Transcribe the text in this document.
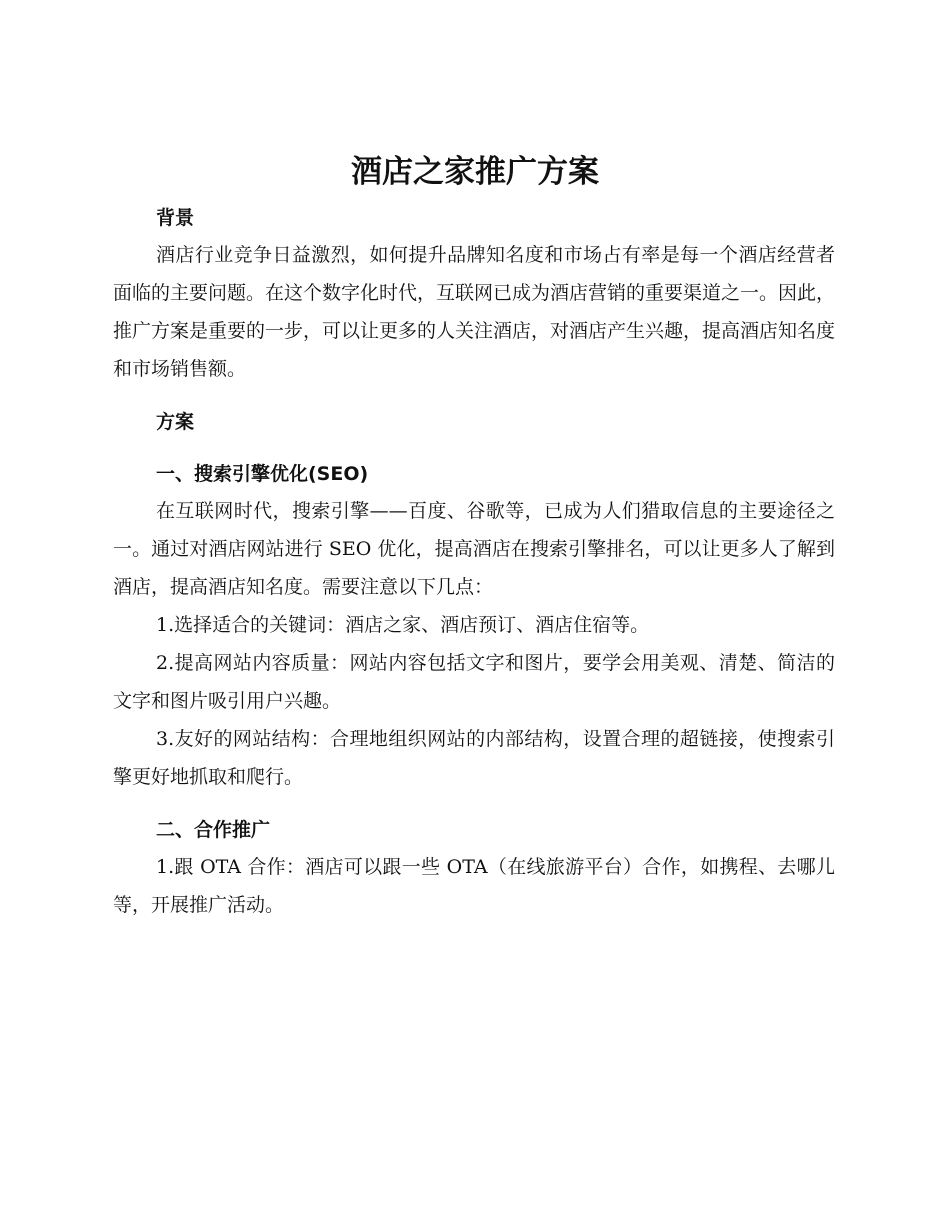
酒店之家推广方案
背景

酒店行业竞争日益激烈，如何提升品牌知名度和市场占有率是每一个酒店经营者面临的主要问题。在这个数字化时代，互联网已成为酒店营销的重要渠道之一。因此，推广方案是重要的一步，可以让更多的人关注酒店，对酒店产生兴趣，提高酒店知名度和市场销售额。

方案
一、搜索引擎优化(SEO)

在互联网时代，搜索引擎——百度、谷歌等，已成为人们猎取信息的主要途径之一。通过对酒店网站进行 SEO 优化，提高酒店在搜索引擎排名，可以让更多人了解到酒店，提高酒店知名度。需要注意以下几点：

1.选择适合的关键词：酒店之家、酒店预订、酒店住宿等。

2.提高网站内容质量：网站内容包括文字和图片，要学会用美观、清楚、简洁的文字和图片吸引用户兴趣。

3.友好的网站结构：合理地组织网站的内部结构，设置合理的超链接，使搜索引擎更好地抓取和爬行。

二、合作推广

1.跟 OTA 合作：酒店可以跟一些 OTA（在线旅游平台）合作，如携程、去哪儿等，开展推广活动。
